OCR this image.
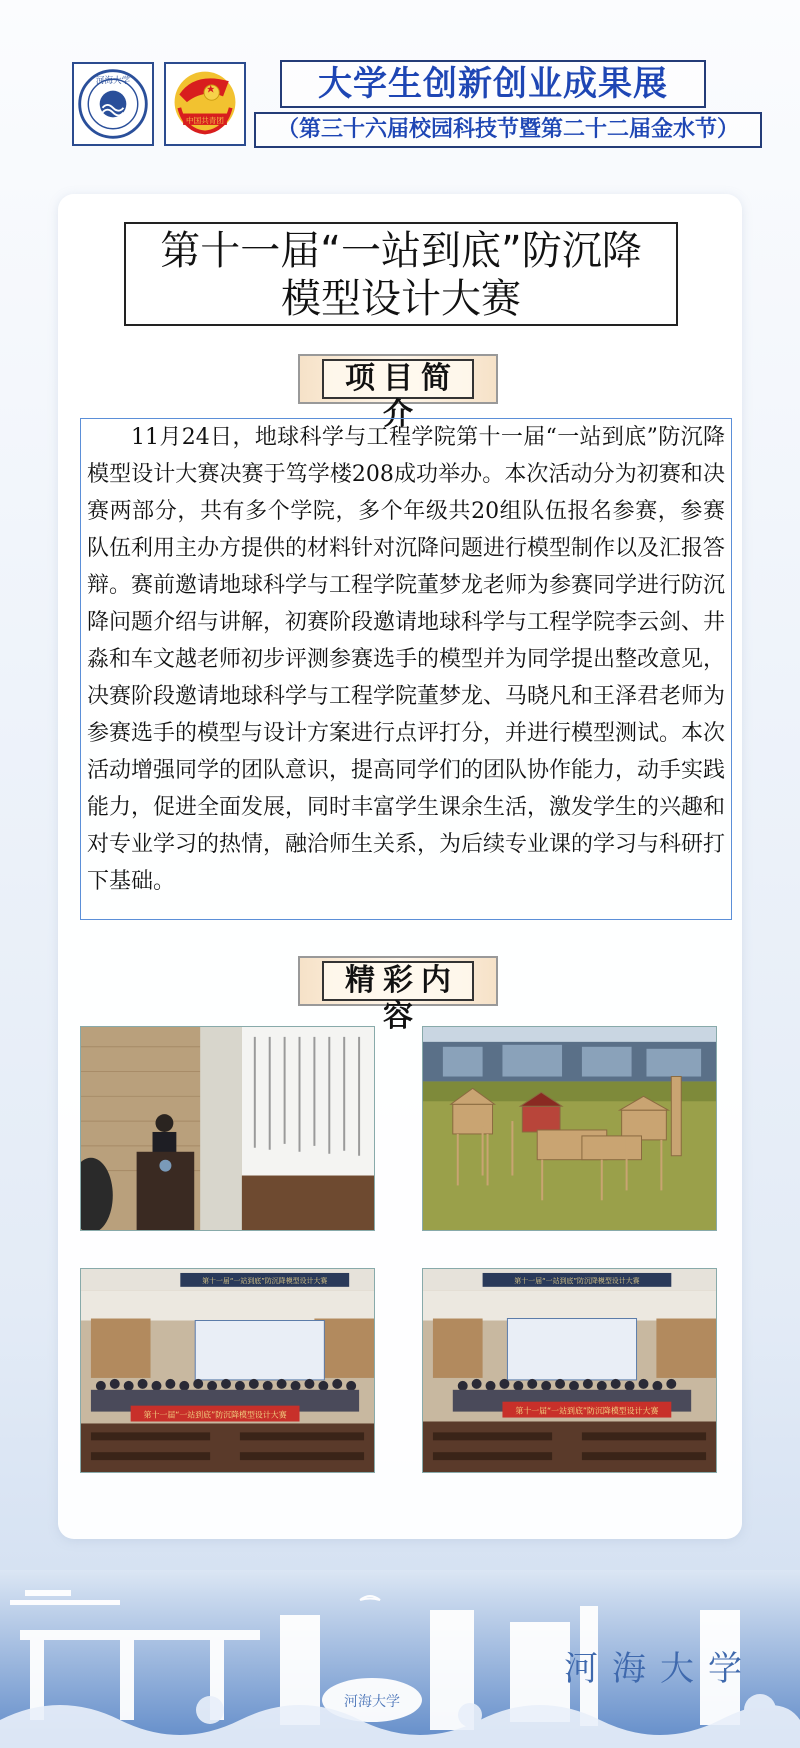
河海大学
中国共青团
大学生创新创业成果展
（第三十六届校园科技节暨第二十二届金水节）
第十一届“一站到底”防沉降
模型设计大赛
项目简介
11月24日，地球科学与工程学院第十一届“一站到底”防沉降模型设计大赛决赛于笃学楼208成功举办。本次活动分为初赛和决赛两部分，共有多个学院，多个年级共20组队伍报名参赛，参赛队伍利用主办方提供的材料针对沉降问题进行模型制作以及汇报答辩。赛前邀请地球科学与工程学院董梦龙老师为参赛同学进行防沉降问题介绍与讲解，初赛阶段邀请地球科学与工程学院李云剑、井淼和车文越老师初步评测参赛选手的模型并为同学提出整改意见，决赛阶段邀请地球科学与工程学院董梦龙、马晓凡和王泽君老师为参赛选手的模型与设计方案进行点评打分，并进行模型测试。本次活动增强同学的团队意识，提高同学们的团队协作能力，动手实践能力，促进全面发展，同时丰富学生课余生活，激发学生的兴趣和对专业学习的热情，融洽师生关系，为后续专业课的学习与科研打下基础。
精彩内容
第十一届“一站到底”防沉降模型设计大赛
第十一届“一站到底”防沉降模型设计大赛
第十一届“一站到底”防沉降模型设计大赛
第十一届“一站到底”防沉降模型设计大赛
河海大学
河海大学
